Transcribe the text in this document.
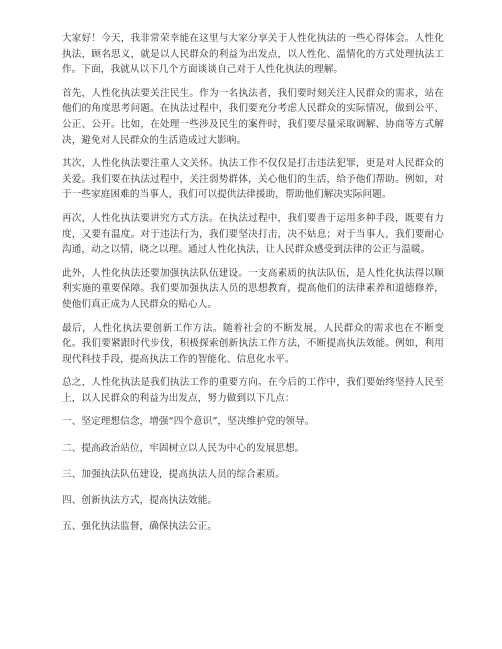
大家好！今天，我非常荣幸能在这里与大家分享关于人性化执法的一些心得体会。人性化执法，顾名思义，就是以人民群众的利益为出发点，以人性化、温情化的方式处理执法工作。下面，我就从以下几个方面谈谈自己对于人性化执法的理解。

首先，人性化执法要关注民生。作为一名执法者，我们要时刻关注人民群众的需求，站在他们的角度思考问题。在执法过程中，我们要充分考虑人民群众的实际情况，做到公平、公正、公开。比如，在处理一些涉及民生的案件时，我们要尽量采取调解、协商等方式解决，避免对人民群众的生活造成过大影响。

其次，人性化执法要注重人文关怀。执法工作不仅仅是打击违法犯罪，更是对人民群众的关爱。我们要在执法过程中，关注弱势群体，关心他们的生活，给予他们帮助。例如，对于一些家庭困难的当事人，我们可以提供法律援助，帮助他们解决实际问题。

再次，人性化执法要讲究方式方法。在执法过程中，我们要善于运用多种手段，既要有力度，又要有温度。对于违法行为，我们要坚决打击，决不姑息；对于当事人，我们要耐心沟通，动之以情，晓之以理。通过人性化执法，让人民群众感受到法律的公正与温暖。

此外，人性化执法还要加强执法队伍建设。一支高素质的执法队伍，是人性化执法得以顺利实施的重要保障。我们要加强执法人员的思想教育，提高他们的法律素养和道德修养，使他们真正成为人民群众的贴心人。

最后，人性化执法要创新工作方法。随着社会的不断发展，人民群众的需求也在不断变化。我们要紧跟时代步伐，积极探索创新执法工作方法，不断提高执法效能。例如，利用现代科技手段，提高执法工作的智能化、信息化水平。

总之，人性化执法是我们执法工作的重要方向。在今后的工作中，我们要始终坚持人民至上，以人民群众的利益为出发点，努力做到以下几点：

一、坚定理想信念，增强“四个意识”，坚决维护党的领导。

二、提高政治站位，牢固树立以人民为中心的发展思想。

三、加强执法队伍建设，提高执法人员的综合素质。

四、创新执法方式，提高执法效能。

五、强化执法监督，确保执法公正。
